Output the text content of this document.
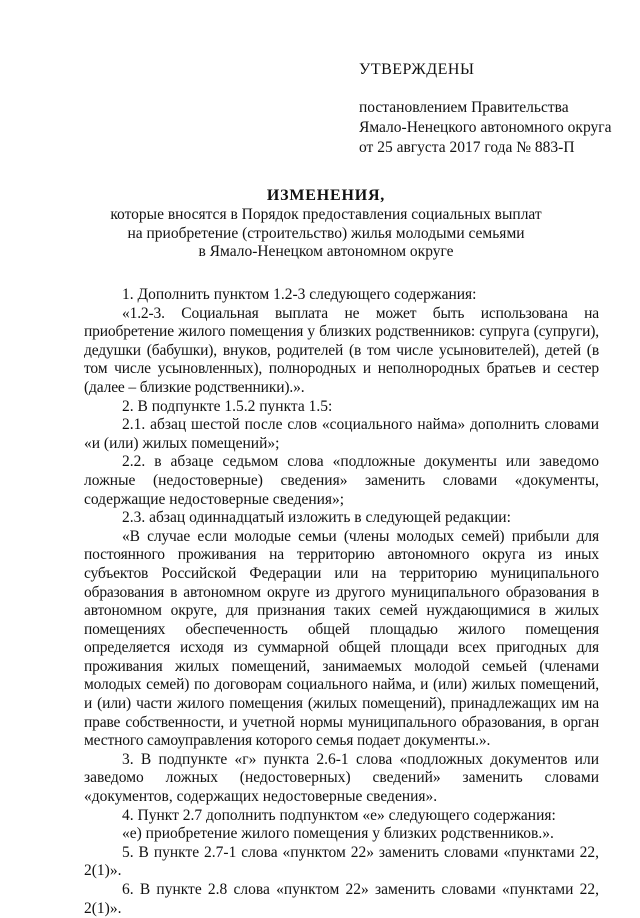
УТВЕРЖДЕНЫ
постановлением Правительства
Ямало-Ненецкого автономного округа
от 25 августа 2017 года № 883-П
ИЗМЕНЕНИЯ,
которые вносятся в Порядок предоставления социальных выплат
на приобретение (строительство) жилья молодыми семьями
в Ямало-Ненецком автономном округе

1. Дополнить пунктом 1.2-3 следующего содержания:

«1.2-3. Социальная выплата не может быть использована на приобретение жилого помещения у близких родственников: супруга (супруги), дедушки (бабушки), внуков, родителей (в том числе усыновителей), детей (в том числе усыновленных), полнородных и неполнородных братьев и сестер (далее – близкие родственники).».

2. В подпункте 1.5.2 пункта 1.5:

2.1. абзац шестой после слов «социального найма» дополнить словами «и (или) жилых помещений»;

2.2. в абзаце седьмом слова «подложные документы или заведомо ложные (недостоверные) сведения» заменить словами «документы, содержащие недостоверные сведения»;

2.3. абзац одиннадцатый изложить в следующей редакции:

«В случае если молодые семьи (члены молодых семей) прибыли для постоянного проживания на территорию автономного округа из иных субъектов Российской Федерации или на территорию муниципального образования в автономном округе из другого муниципального образования в автономном округе, для признания таких семей нуждающимися в жилых помещениях обеспеченность общей площадью жилого помещения определяется исходя из суммарной общей площади всех пригодных для проживания жилых помещений, занимаемых молодой семьей (членами молодых семей) по договорам социального найма, и (или) жилых помещений, и (или) части жилого помещения (жилых помещений), принадлежащих им на праве собственности, и учетной нормы муниципального образования, в орган местного самоуправления которого семья подает документы.».

3. В подпункте «г» пункта 2.6-1 слова «подложных документов или заведомо ложных (недостоверных) сведений» заменить словами «документов, содержащих недостоверные сведения».

4. Пункт 2.7 дополнить подпунктом «е» следующего содержания:

«е) приобретение жилого помещения у близких родственников.».

5. В пункте 2.7-1 слова «пунктом 22» заменить словами «пунктами 22, 2(1)».

6. В пункте 2.8 слова «пунктом 22» заменить словами «пунктами 22, 2(1)».
